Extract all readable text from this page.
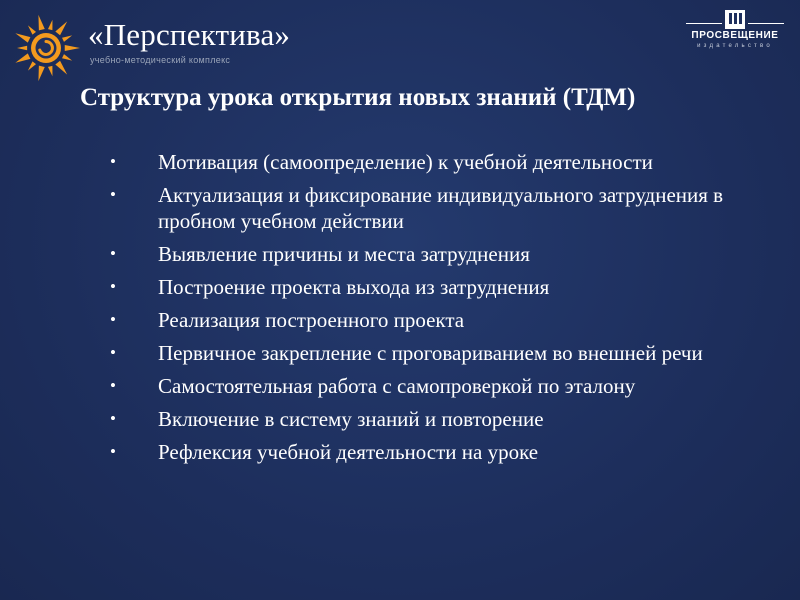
«Перспектива»
учебно-методический комплекс
ПРОСВЕЩЕНИЕ
издательство
Структура урока открытия новых знаний (ТДМ)
• Мотивация (самоопределение) к учебной деятельности
• Актуализация и фиксирование индивидуального затруднения в пробном учебном действии
• Выявление причины и места затруднения
• Построение проекта выхода из затруднения
• Реализация построенного проекта
• Первичное закрепление с проговариванием во внешней речи
• Самостоятельная работа с самопроверкой по эталону
• Включение в систему знаний и повторение
• Рефлексия учебной деятельности на уроке
